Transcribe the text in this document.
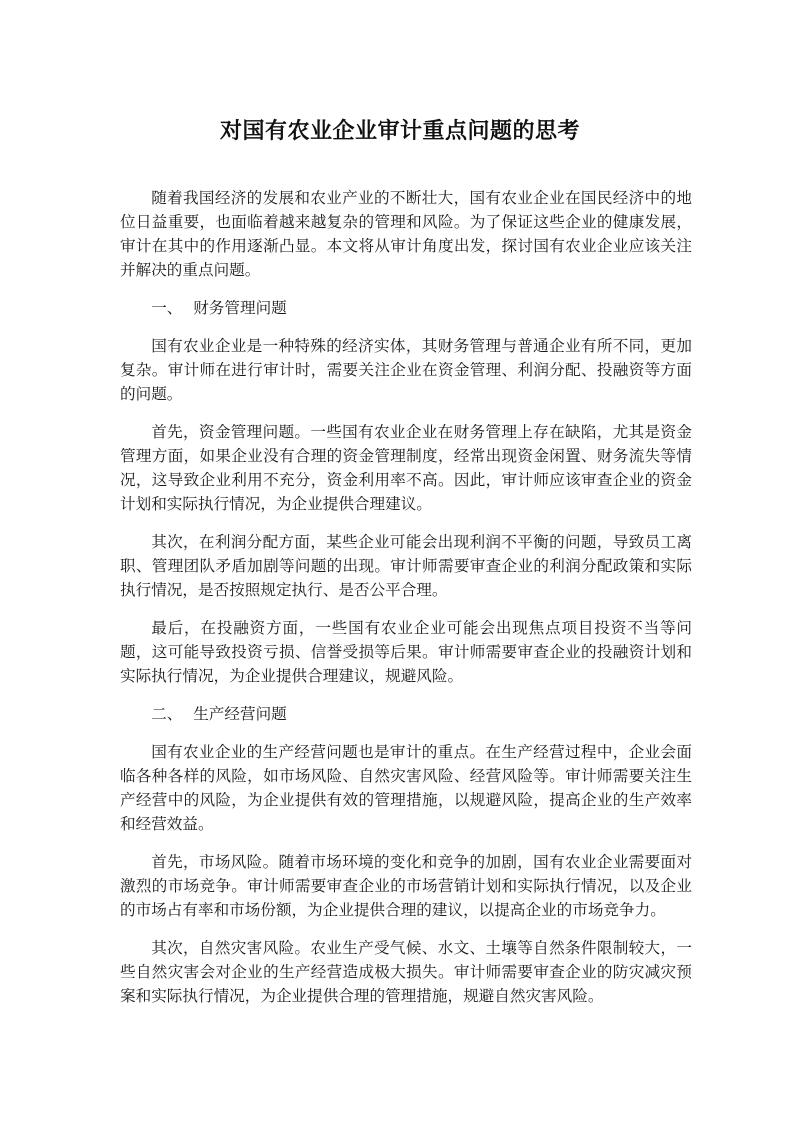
对国有农业企业审计重点问题的思考

随着我国经济的发展和农业产业的不断壮大，国有农业企业在国民经济中的地位日益重要，也面临着越来越复杂的管理和风险。为了保证这些企业的健康发展，审计在其中的作用逐渐凸显。本文将从审计角度出发，探讨国有农业企业应该关注并解决的重点问题。

一、 财务管理问题

国有农业企业是一种特殊的经济实体，其财务管理与普通企业有所不同，更加复杂。审计师在进行审计时，需要关注企业在资金管理、利润分配、投融资等方面的问题。

首先，资金管理问题。一些国有农业企业在财务管理上存在缺陷，尤其是资金管理方面，如果企业没有合理的资金管理制度，经常出现资金闲置、财务流失等情况，这导致企业利用不充分，资金利用率不高。因此，审计师应该审查企业的资金计划和实际执行情况，为企业提供合理建议。

其次，在利润分配方面，某些企业可能会出现利润不平衡的问题，导致员工离职、管理团队矛盾加剧等问题的出现。审计师需要审查企业的利润分配政策和实际执行情况，是否按照规定执行、是否公平合理。

最后，在投融资方面，一些国有农业企业可能会出现焦点项目投资不当等问题，这可能导致投资亏损、信誉受损等后果。审计师需要审查企业的投融资计划和实际执行情况，为企业提供合理建议，规避风险。

二、 生产经营问题

国有农业企业的生产经营问题也是审计的重点。在生产经营过程中，企业会面临各种各样的风险，如市场风险、自然灾害风险、经营风险等。审计师需要关注生产经营中的风险，为企业提供有效的管理措施，以规避风险，提高企业的生产效率和经营效益。

首先，市场风险。随着市场环境的变化和竞争的加剧，国有农业企业需要面对激烈的市场竞争。审计师需要审查企业的市场营销计划和实际执行情况，以及企业的市场占有率和市场份额，为企业提供合理的建议，以提高企业的市场竞争力。

其次，自然灾害风险。农业生产受气候、水文、土壤等自然条件限制较大，一些自然灾害会对企业的生产经营造成极大损失。审计师需要审查企业的防灾减灾预案和实际执行情况，为企业提供合理的管理措施，规避自然灾害风险。
